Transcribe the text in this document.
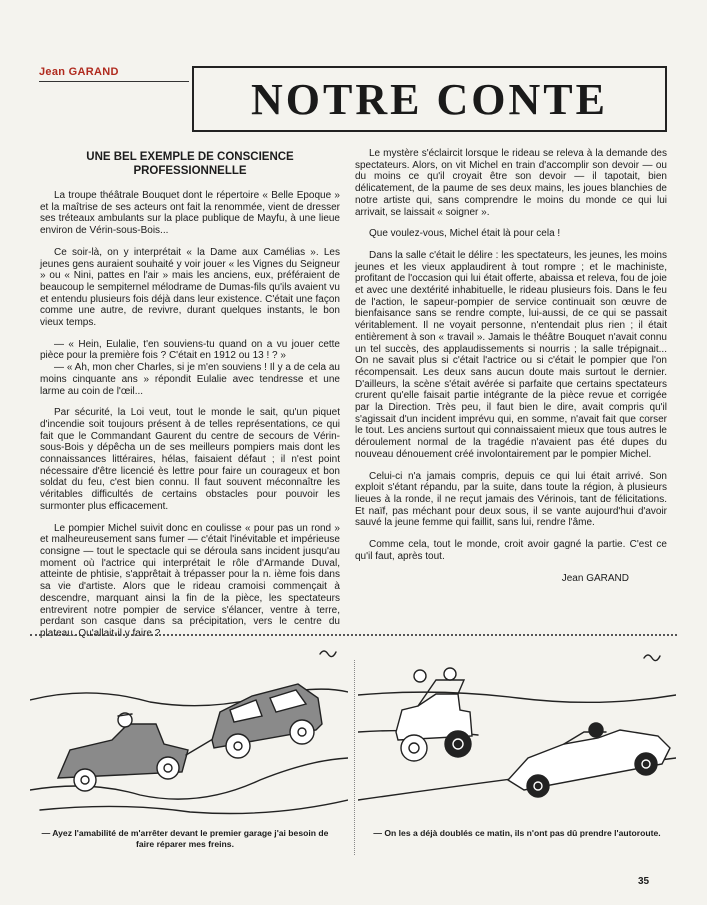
Jean GARAND
NOTRE CONTE
UNE BEL EXEMPLE DE CONSCIENCE PROFESSIONNELLE

La troupe théâtrale Bouquet dont le répertoire « Belle Epoque » et la maîtrise de ses acteurs ont fait la renommée, vient de dresser ses tréteaux ambulants sur la place publique de Mayfu, à une lieue environ de Vérin-sous-Bois...

Ce soir-là, on y interprétait « la Dame aux Camélias ». Les jeunes gens auraient souhaité y voir jouer « les Vignes du Seigneur » ou « Nini, pattes en l'air » mais les anciens, eux, préféraient de beaucoup le sempiternel mélodrame de Dumas-fils qu'ils avaient vu et entendu plusieurs fois déjà dans leur existence. C'était une façon comme une autre, de revivre, durant quelques instants, le bon vieux temps.

— « Hein, Eulalie, t'en souviens-tu quand on a vu jouer cette pièce pour la première fois ? C'était en 1912 ou 13 ! ? »

— « Ah, mon cher Charles, si je m'en souviens ! Il y a de cela au moins cinquante ans » répondit Eulalie avec tendresse et une larme au coin de l'œil...

Par sécurité, la Loi veut, tout le monde le sait, qu'un piquet d'incendie soit toujours présent à de telles représentations, ce qui fait que le Commandant Gaurent du centre de secours de Vérin-sous-Bois y dépêcha un de ses meilleurs pompiers mais dont les connaissances littéraires, hélas, faisaient défaut ; il n'est point nécessaire d'être licencié ès lettre pour faire un courageux et bon soldat du feu, c'est bien connu. Il faut souvent méconnaître les véritables difficultés de certains obstacles pour pouvoir les surmonter plus efficacement.

Le pompier Michel suivit donc en coulisse « pour pas un rond » et malheureusement sans fumer — c'était l'inévitable et impérieuse consigne — tout le spectacle qui se déroula sans incident jusqu'au moment où l'actrice qui interprétait le rôle d'Armande Duval, atteinte de phtisie, s'apprêtait à trépasser pour la n. ième fois dans sa vie d'artiste. Alors que le rideau cramoisi commençait à descendre, marquant ainsi la fin de la pièce, les spectateurs entrevirent notre pompier de service s'élancer, ventre à terre, perdant son casque dans sa précipitation, vers le centre du plateau. Qu'allait-il y faire ?

Le mystère s'éclaircit lorsque le rideau se releva à la demande des spectateurs. Alors, on vit Michel en train d'accomplir son devoir — ou du moins ce qu'il croyait être son devoir — il tapotait, bien délicatement, de la paume de ses deux mains, les joues blanchies de notre artiste qui, sans comprendre le moins du monde ce qui lui arrivait, se laissait « soigner ».

Que voulez-vous, Michel était là pour cela !

Dans la salle c'était le délire : les spectateurs, les jeunes, les moins jeunes et les vieux applaudirent à tout rompre ; et le machiniste, profitant de l'occasion qui lui était offerte, abaissa et releva, fou de joie et avec une dextérité inhabituelle, le rideau plusieurs fois. Dans le feu de l'action, le sapeur-pompier de service continuait son œuvre de bienfaisance sans se rendre compte, lui-aussi, de ce qui se passait véritablement. Il ne voyait personne, n'entendait plus rien ; il était entièrement à son « travail ». Jamais le théâtre Bouquet n'avait connu un tel succès, des applaudissements si nourris ; la salle trépignait... On ne savait plus si c'était l'actrice ou si c'était le pompier que l'on récompensait. Les deux sans aucun doute mais surtout le dernier. D'ailleurs, la scène s'était avérée si parfaite que certains spectateurs crurent qu'elle faisait partie intégrante de la pièce revue et corrigée par la Direction. Très peu, il faut bien le dire, avait compris qu'il s'agissait d'un incident imprévu qui, en somme, n'avait fait que corser le tout. Les anciens surtout qui connaissaient mieux que tous autres le déroulement normal de la tragédie n'avaient pas été dupes du nouveau dénouement créé involontairement par le pompier Michel.

Celui-ci n'a jamais compris, depuis ce qui lui était arrivé. Son exploit s'étant répandu, par la suite, dans toute la région, à plusieurs lieues à la ronde, il ne reçut jamais des Vérinois, tant de félicitations. Et naïf, pas méchant pour deux sous, il se vante aujourd'hui d'avoir sauvé la jeune femme qui faillit, sans lui, rendre l'âme.

Comme cela, tout le monde, croit avoir gagné la partie. C'est ce qu'il faut, après tout.

Jean GARAND
— Ayez l'amabilité de m'arrêter devant le premier garage j'ai besoin de faire réparer mes freins.
— On les a déjà doublés ce matin, ils n'ont pas dû prendre l'autoroute.
35
